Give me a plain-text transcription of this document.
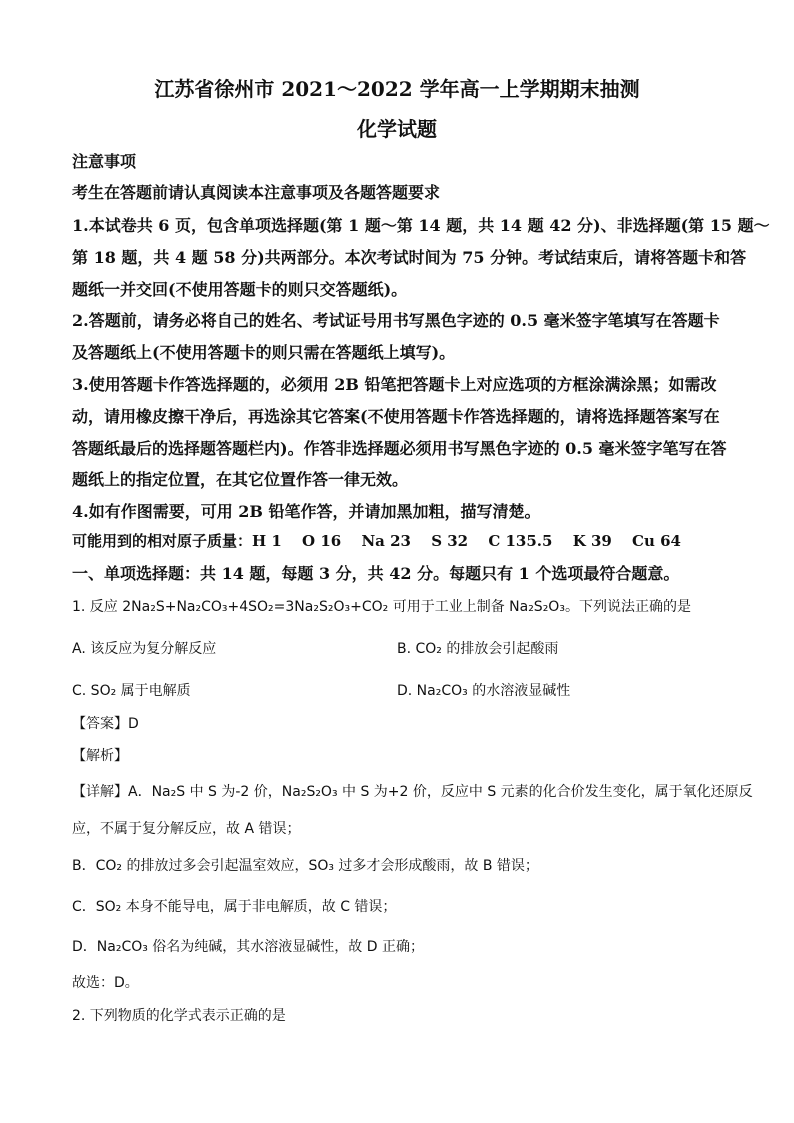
江苏省徐州市 2021～2022 学年高一上学期期末抽测
化学试题
注意事项
考生在答题前请认真阅读本注意事项及各题答题要求
1.本试卷共 6 页，包含单项选择题(第 1 题～第 14 题，共 14 题 42 分)、非选择题(第 15 题～
第 18 题，共 4 题 58 分)共两部分。本次考试时间为 75 分钟。考试结束后，请将答题卡和答
题纸一并交回(不使用答题卡的则只交答题纸)。
2.答题前，请务必将自己的姓名、考试证号用书写黑色字迹的 0.5 毫米签字笔填写在答题卡
及答题纸上(不使用答题卡的则只需在答题纸上填写)。
3.使用答题卡作答选择题的，必须用 2B 铅笔把答题卡上对应选项的方框涂满涂黑；如需改
动，请用橡皮擦干净后，再选涂其它答案(不使用答题卡作答选择题的，请将选择题答案写在
答题纸最后的选择题答题栏内)。作答非选择题必须用书写黑色字迹的 0.5 毫米签字笔写在答
题纸上的指定位置，在其它位置作答一律无效。
4.如有作图需要，可用 2B 铅笔作答，并请加黑加粗，描写清楚。
可能用到的相对原子质量：H 1　 O 16　 Na 23　 S 32　 C 135.5　 K 39　 Cu 64
一、单项选择题：共 14 题，每题 3 分，共 42 分。每题只有 1 个选项最符合题意。
1. 反应 2Na₂S+Na₂CO₃+4SO₂=3Na₂S₂O₃+CO₂ 可用于工业上制备 Na₂S₂O₃。下列说法正确的是
A. 该反应为复分解反应	B. CO₂ 的排放会引起酸雨
C. SO₂ 属于电解质	D. Na₂CO₃ 的水溶液显碱性
【答案】D
【解析】
【详解】A．Na₂S 中 S 为-2 价，Na₂S₂O₃ 中 S 为+2 价，反应中 S 元素的化合价发生变化，属于氧化还原反
应，不属于复分解反应，故 A 错误；
B．CO₂ 的排放过多会引起温室效应，SO₃ 过多才会形成酸雨，故 B 错误；
C．SO₂ 本身不能导电，属于非电解质，故 C 错误；
D．Na₂CO₃ 俗名为纯碱，其水溶液显碱性，故 D 正确；
故选：D。
2. 下列物质的化学式表示正确的是
